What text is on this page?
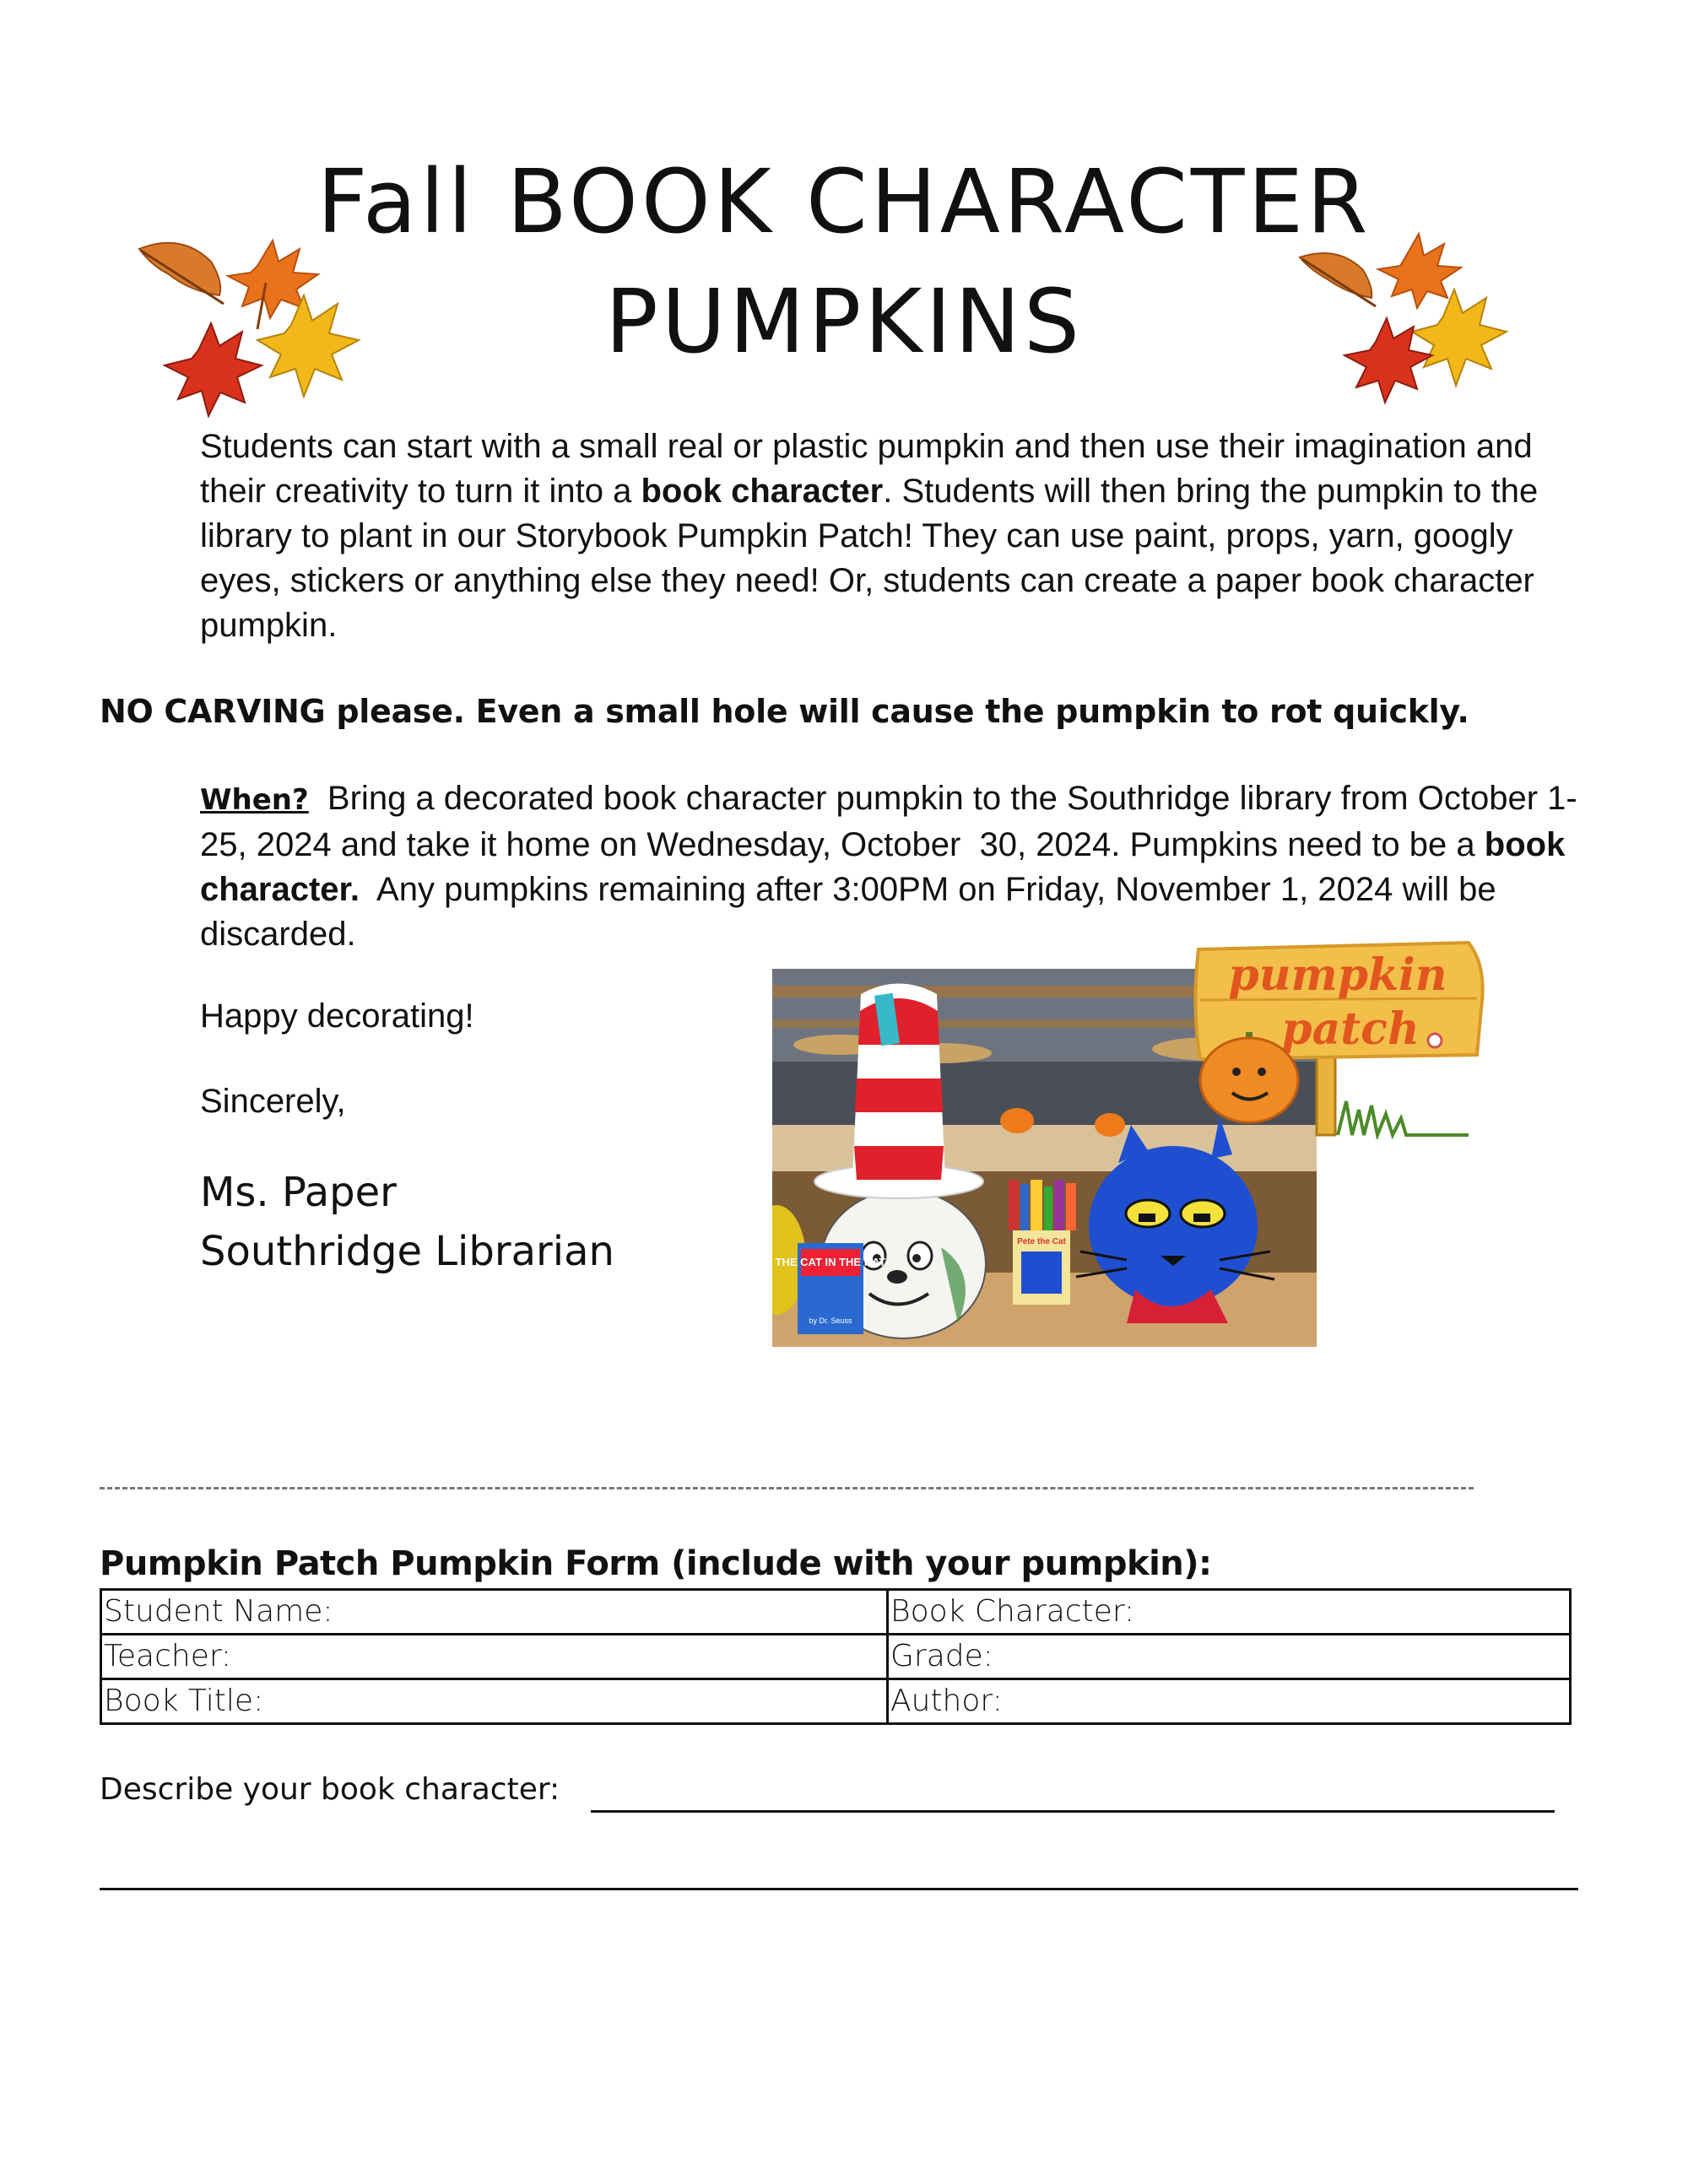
Fall BOOK CHARACTER
PUMPKINS
Students can start with a small real or plastic pumpkin and then use their imagination and their creativity to turn it into a book character. Students will then bring the pumpkin to the library to plant in our Storybook Pumpkin Patch! They can use paint, props, yarn, googly eyes, stickers or anything else they need! Or, students can create a paper book character pumpkin.
NO CARVING please. Even a small hole will cause the pumpkin to rot quickly.
When?  Bring a decorated book character pumpkin to the Southridge library from October 1-25, 2024 and take it home on Wednesday, October  30, 2024. Pumpkins need to be a book character.  Any pumpkins remaining after 3:00PM on Friday, November 1, 2024 will be discarded.
Happy decorating!
Sincerely,
Ms. Paper
Southridge Librarian	THE CAT IN THE HAT
by Dr. Seuss
Pete the Cat
pumpkin
patch
Pumpkin Patch Pumpkin Form (include with your pumpkin):
Student Name:	Book Character:
Teacher:	Grade:
Book Title:	Author:
Describe your book character:
